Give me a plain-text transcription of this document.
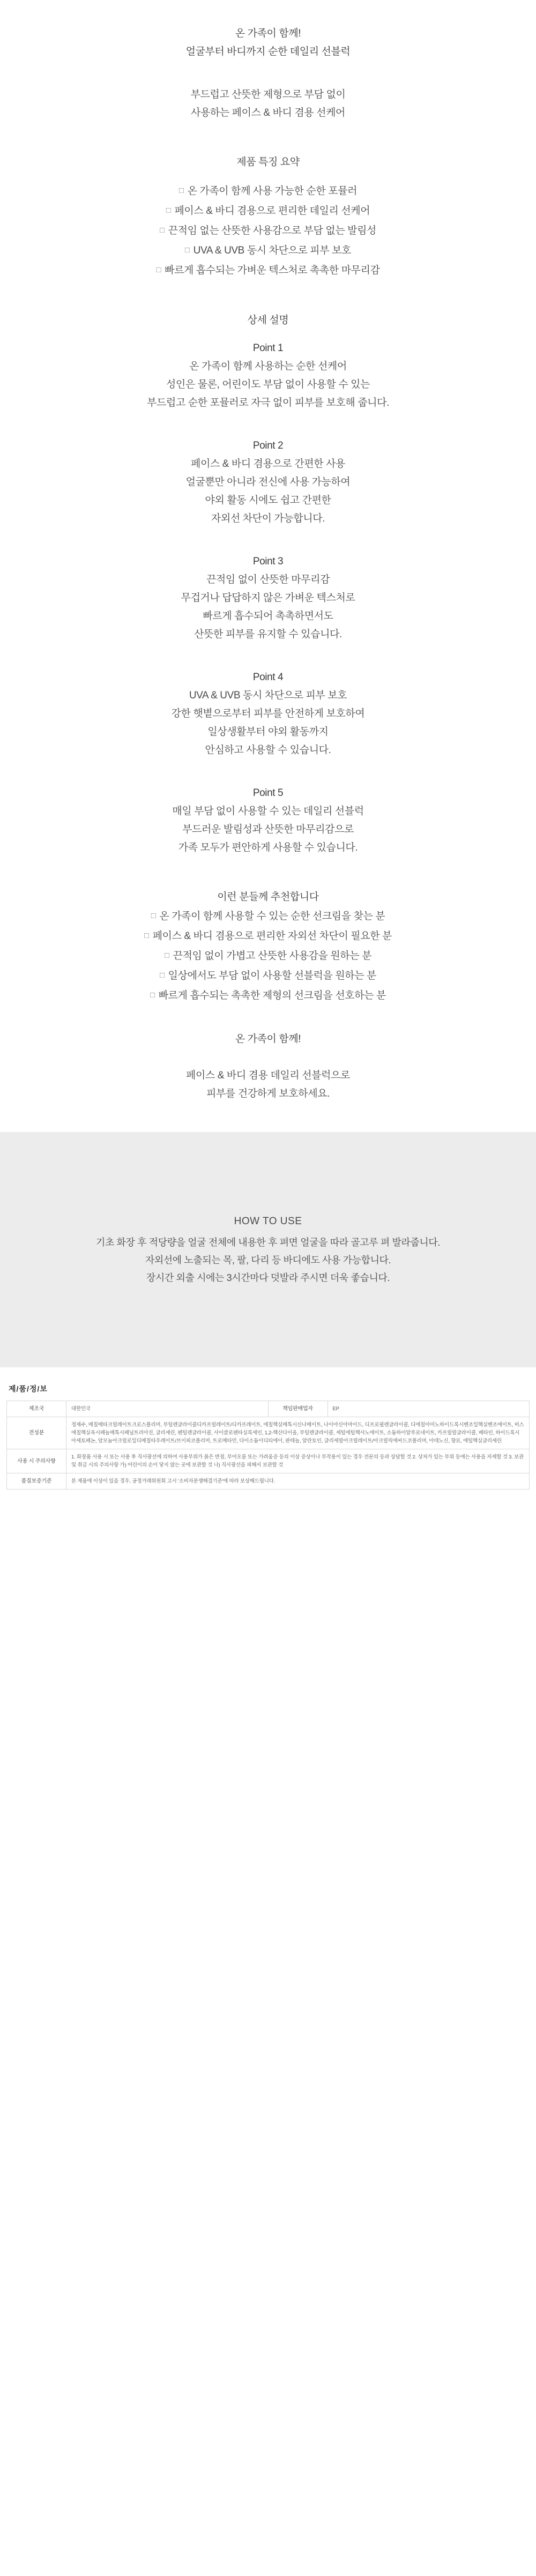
온 가족이 함께!
얼굴부터 바디까지 순한 데일리 선블럭
부드럽고 산뜻한 제형으로 부담 없이
사용하는 페이스 & 바디 겸용 선케어
제품 특징 요약
□ 온 가족이 함께 사용 가능한 순한 포뮬러
□ 페이스 & 바디 겸용으로 편리한 데일리 선케어
□ 끈적임 없는 산뜻한 사용감으로 부담 없는 발림성
□ UVA & UVB 동시 차단으로 피부 보호
□ 빠르게 흡수되는 가벼운 텍스처로 촉촉한 마무리감
상세 설명
Point 1
온 가족이 함께 사용하는 순한 선케어
성인은 물론, 어린이도 부담 없이 사용할 수 있는
부드럽고 순한 포뮬러로 자극 없이 피부를 보호해 줍니다.
Point 2
페이스 & 바디 겸용으로 간편한 사용
얼굴뿐만 아니라 전신에 사용 가능하여
야외 활동 시에도 쉽고 간편한
자외선 차단이 가능합니다.
Point 3
끈적임 없이 산뜻한 마무리감
무겁거나 답답하지 않은 가벼운 텍스처로
빠르게 흡수되어 촉촉하면서도
산뜻한 피부를 유지할 수 있습니다.
Point 4
UVA & UVB 동시 차단으로 피부 보호
강한 햇볕으로부터 피부를 안전하게 보호하여
일상생활부터 야외 활동까지
안심하고 사용할 수 있습니다.
Point 5
매일 부담 없이 사용할 수 있는 데일리 선블럭
부드러운 발림성과 산뜻한 마무리감으로
가족 모두가 편안하게 사용할 수 있습니다.
이런 분들께 추천합니다
□ 온 가족이 함께 사용할 수 있는 순한 선크림을 찾는 분
□ 페이스 & 바디 겸용으로 편리한 자외선 차단이 필요한 분
□ 끈적임 없이 가볍고 산뜻한 사용감을 원하는 분
□ 일상에서도 부담 없이 사용할 선블럭을 원하는 분
□ 빠르게 흡수되는 촉촉한 제형의 선크림을 선호하는 분
온 가족이 함께!
페이스 & 바디 겸용 데일리 선블럭으로
피부를 건강하게 보호하세요.
HOW TO USE
기초 화장 후 적당량을 얼굴 전체에 내용한 후 펴면 얼굴을 따라 골고루 펴 발라줍니다.
자외선에 노출되는 목, 팔, 다리 등 바디에도 사용 가능합니다.
장시간 외출 시에는 3시간마다 덧발라 주시면 더욱 좋습니다.
제/품/정/보
제조국	대한민국	책임판매업자	EP
전성분	정제수, 메칠메타크릴레이트크로스폴리머, 부틸렌글라이콜디카프릴레이트/디카프레이트, 에칠헥실메톡시신나메이트, 나이아신아마이드, 디프로필렌글라이콜, 디에칠아미노하이드록시벤조일헥실벤조에이트, 비스에칠헥실옥시페놀메톡시페닐트리아진, 글리세린, 펜틸렌글라이콜, 사이클로펜타실록세인, 1,2-헥산다이올, 부틸렌글라이콜, 세틸에틸헥사노에이트, 소듐하이알루로네이트, 카프릴릴글라이콜, 베타인, 하이드록시아세토페논, 암모늄아크릴로일디메칠타우레이트/브이피코폴리머, 트로메타민, 다이소듐이디티에이, 판테놀, 알란토인, 글리세릴아크릴레이트/아크릴릭애씨드코폴리머, 아데노신, 향료, 에틸헥실글리세린		
사용 시 주의사항	1. 화장품 사용 시 또는 사용 후 직사광선에 의하여 사용부위가 붉은 반점, 부어오름 또는 가려움증 등의 이상 증상이나 부작용이 있는 경우 전문의 등과 상담할 것 2. 상처가 있는 부위 등에는 사용을 자제할 것 3. 보관 및 취급 시의 주의사항 가) 어린이의 손이 닿지 않는 곳에 보관할 것 나) 직사광선을 피해서 보관할 것		
품질보증기준	본 제품에 이상이 있을 경우, 공정거래위원회 고시 '소비자분쟁해결기준'에 따라 보상해드립니다.		
